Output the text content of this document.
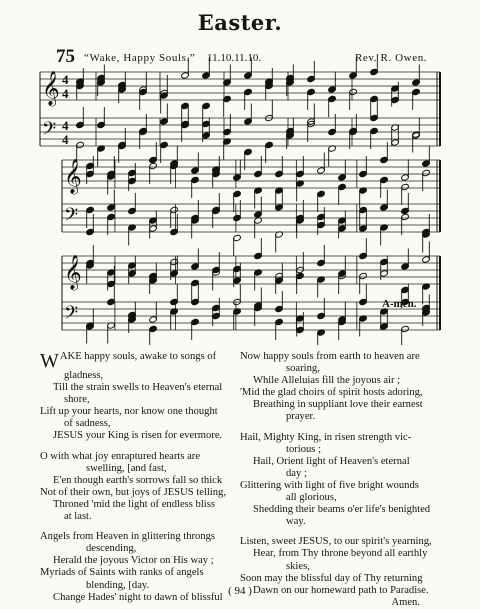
Easter.
75 “Wake, Happy Souls.” 11.10.11.10.	Rev. R. Owen.
𝄞 4
4
𝄢 4
4
𝄞
𝄢
𝄞
𝄢	A-men.
WAKE happy souls, awake to songs of
gladness,
Till the strain swells to Heaven's eternal
shore,
Lift up your hearts, nor know one thought
of sadness,
JESUS your King is risen for evermore.
O with what joy enraptured hearts are
swelling, [and fast,
E'en though earth's sorrows fall so thick
Not of their own, but joys of JESUS telling,
Throned 'mid the light of endless bliss
at last.
Angels from Heaven in glittering throngs
descending,
Herald the joyous Victor on His way ;
Myriads of Saints with ranks of angels
blending, [day.
Change Hades' night to dawn of blissful
Now happy souls from earth to heaven are
soaring,
While Alleluias fill the joyous air ;
'Mid the glad choirs of spirit hosts adoring,
Breathing in suppliant love their earnest
prayer.
Hail, Mighty King, in risen strength vic-
torious ;
Hail, Orient light of Heaven's eternal
day ;
Glittering with light of five bright wounds
all glorious,
Shedding their beams o'er life's benighted
way.
Listen, sweet JESUS, to our spirit's yearning,
Hear, from Thy throne beyond all earthly
skies,
Soon may the blissful day of Thy returning
Dawn on our homeward path to Paradise.
Amen.
( 94 )
